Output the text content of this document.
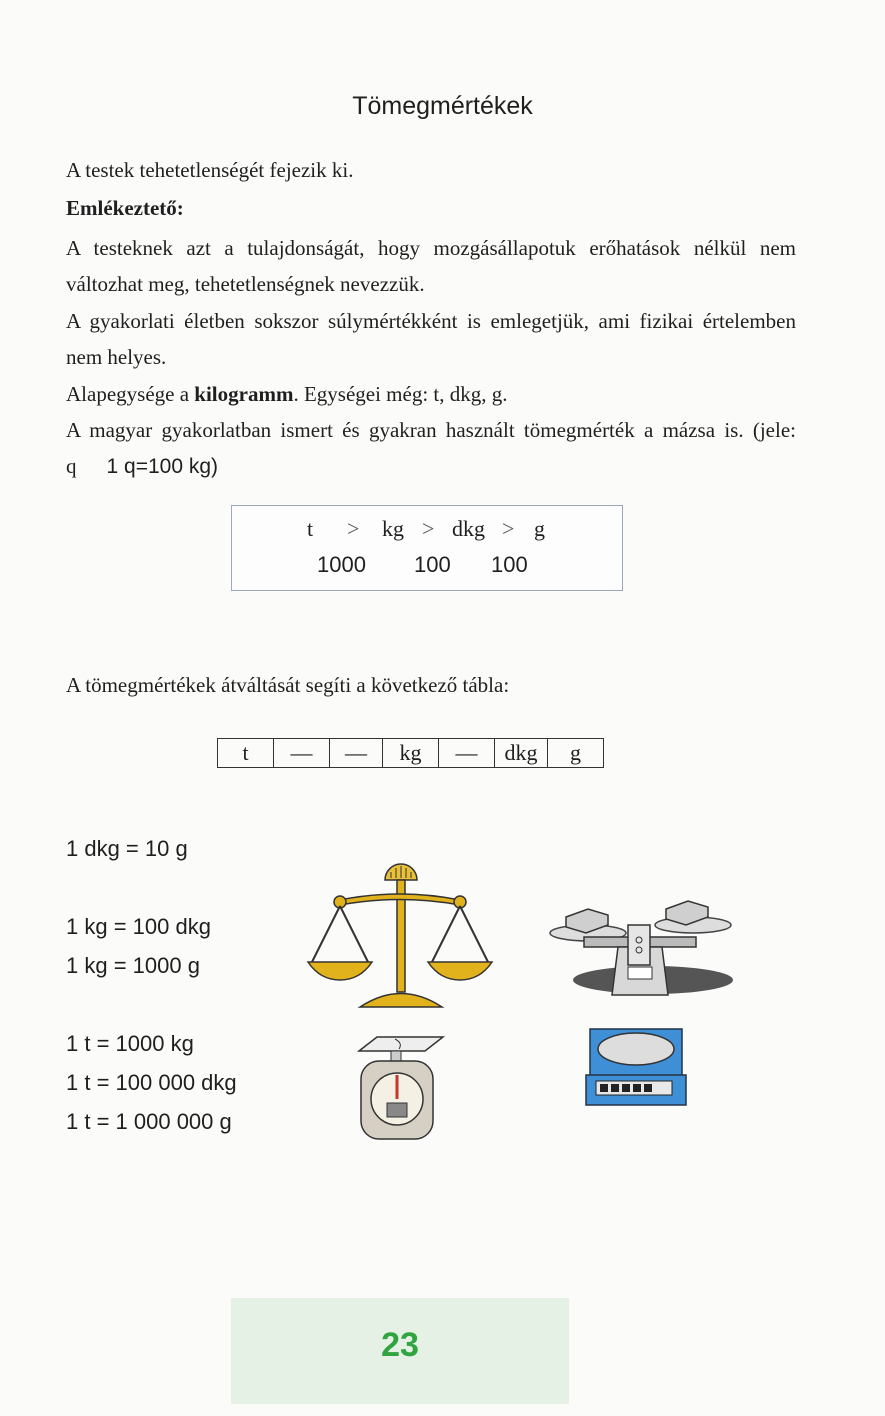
Tömegmértékek
A testek tehetetlenségét fejezik ki.
Emlékeztető:
A testeknek azt a tulajdonságát, hogy mozgásállapotuk erőhatások nélkül nem változhat meg, tehetetlenségnek nevezzük.
A gyakorlati életben sokszor súlymértékként is emlegetjük, ami fizikai értelemben nem helyes.
Alapegysége a kilogramm. Egységei még: t, dkg, g.
A magyar gyakorlatban ismert és gyakran használt tömegmérték a mázsa is. (jele: q 1 q=100 kg)
t > kg > dkg > g
1000 100 100
A tömegmértékek átváltását segíti a következő tábla:
t	—	—	kg	—	dkg	g
1 dkg = 10 g
1 kg = 100 dkg
1 kg = 1000 g
1 t = 1000 kg
1 t = 100 000 dkg
1 t = 1 000 000 g
23
